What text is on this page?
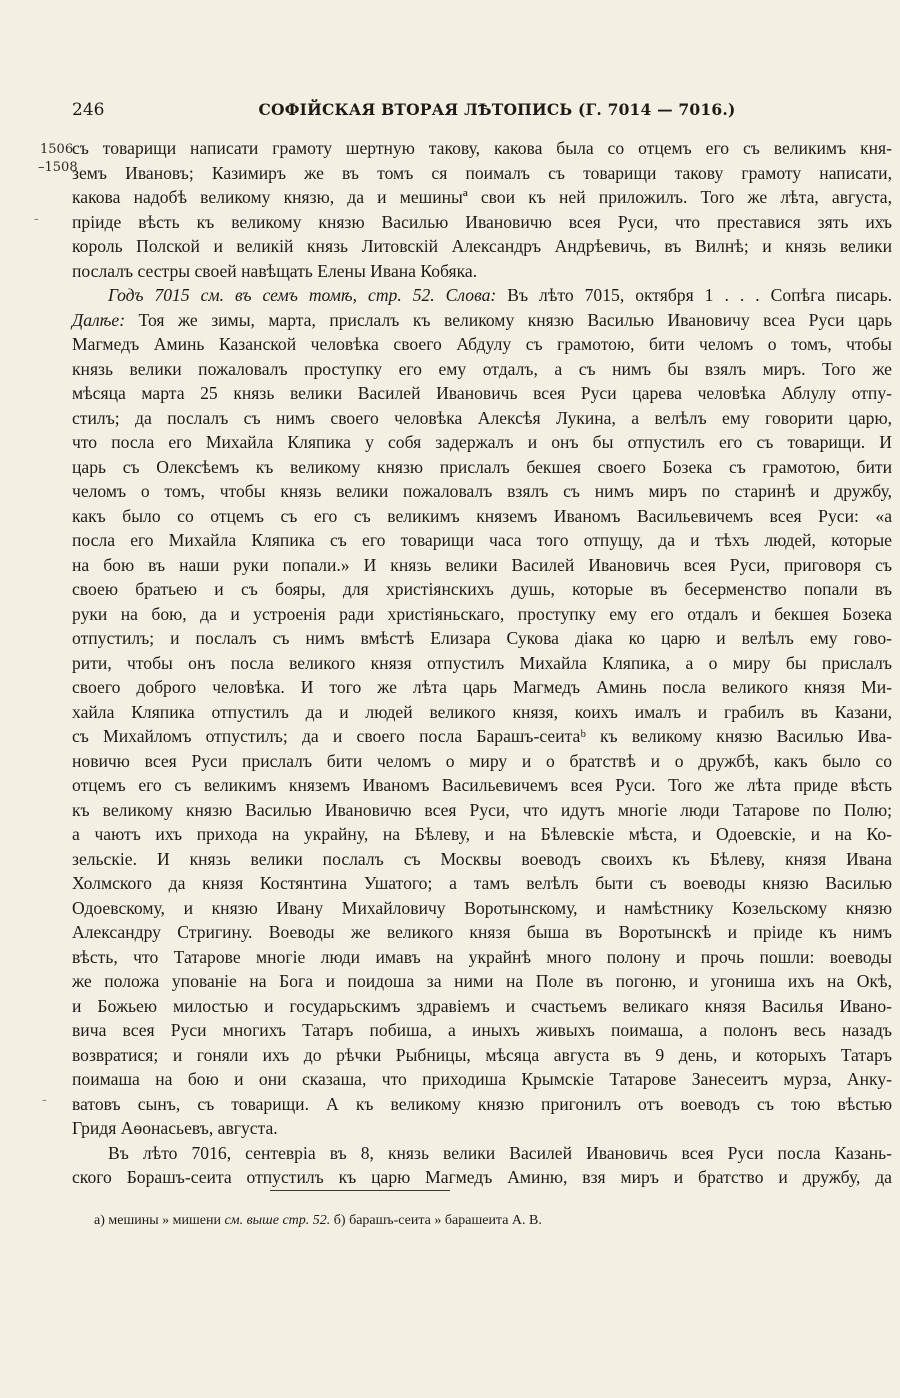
246	СОФІЙСКАЯ ВТОРАЯ ЛѢТОПИСЬ (Г. 7014 — 7016.)
1506
–1508
-
-
съ товарищи написати грамоту шертную такову, какова была со отцемъ его съ великимъ кня-
земъ Ивановъ; Казимиръ же въ томъ ся поималъ съ товарищи такову грамоту написати,
какова надобѣ великому князю, да и мешиныª свои къ ней приложилъ. Того же лѣта, августа,
пріиде вѣсть къ великому князю Василью Ивановичю всея Руси, что преставися зять ихъ
король Полской и великій князь Литовскій Александръ Андрѣевичь, въ Вилнѣ; и князь велики
послалъ сестры своей навѣщать Елены Ивана Кобяка.
Годъ 7015 см. въ семъ томѣ, стр. 52. Слова: Въ лѣто 7015, октября 1 . . . Сопѣга писарь.
Далѣе: Тоя же зимы, марта, прислалъ къ великому князю Василью Ивановичу всеа Руси царь
Магмедъ Аминь Казанской человѣка своего Абдулу съ грамотою, бити челомъ о томъ, чтобы
князь велики пожаловалъ проступку его ему отдалъ, а съ нимъ бы взялъ миръ. Того же
мѣсяца марта 25 князь велики Василей Ивановичь всея Руси царева человѣка Аблулу отпу-
стилъ; да послалъ съ нимъ своего человѣка Алексѣя Лукина, а велѣлъ ему говорити царю,
что посла его Михайла Кляпика у собя задержалъ и онъ бы отпустилъ его съ товарищи. И
царь съ Олексѣемъ къ великому князю прислалъ бекшея своего Бозека съ грамотою, бити
челомъ о томъ, чтобы князь велики пожаловалъ взялъ съ нимъ миръ по старинѣ и дружбу,
какъ было со отцемъ съ его съ великимъ княземъ Иваномъ Васильевичемъ всея Руси: «а
посла его Михайла Кляпика съ его товарищи часа того отпущу, да и тѣхъ людей, которые
на бою въ наши руки попали.» И князь велики Василей Ивановичь всея Руси, приговоря съ
своею братьею и съ бояры, для христіянскихъ душь, которые въ бесерменство попали въ
руки на бою, да и устроенія ради христіяньскаго, проступку ему его отдалъ и бекшея Бозека
отпустилъ; и послалъ съ нимъ вмѣстѣ Елизара Сукова діака ко царю и велѣлъ ему гово-
рити, чтобы онъ посла великого князя отпустилъ Михайла Кляпика, а о миру бы прислалъ
своего доброго человѣка. И того же лѣта царь Магмедъ Аминь посла великого князя Ми-
хайла Кляпика отпустилъ да и людей великого князя, коихъ ималъ и грабилъ въ Казани,
съ Михайломъ отпустилъ; да и своего посла Барашъ-сеитаᵇ къ великому князю Василью Ива-
новичю всея Руси прислалъ бити челомъ о миру и о братствѣ и о дружбѣ, какъ было со
отцемъ его съ великимъ княземъ Иваномъ Васильевичемъ всея Руси. Того же лѣта приде вѣсть
къ великому князю Василью Ивановичю всея Руси, что идутъ многіе люди Татаровe по Полю;
а чаютъ ихъ прихода на украйну, на Бѣлеву, и на Бѣлевскіе мѣста, и Одоевскіе, и на Ко-
зельскіе. И князь велики послалъ съ Москвы воеводъ своихъ къ Бѣлеву, князя Ивана
Холмского да князя Костянтина Ушатого; а тамъ велѣлъ быти съ воеводы князю Василью
Одоевскому, и князю Ивану Михайловичу Воротынскому, и намѣстнику Козельскому князю
Александру Стригину. Воеводы же великого князя быша въ Воротынскѣ и пріиде къ нимъ
вѣсть, что Татарове многіе люди имавъ на украйнѣ много полону и прочь пошли: воеводы
же положа упованіе на Бога и поидоша за ними на Поле въ погоню, и угониша ихъ на Окѣ,
и Божьею милостью и государьскимъ здравіемъ и счастьемъ великаго князя Василья Ивано-
вича всея Руси многихъ Татаръ побиша, а иныхъ живыхъ поимаша, а полонъ весь назадъ
возвратися; и гоняли ихъ до рѣчки Рыбницы, мѣсяца августа въ 9 день, и которыхъ Татаръ
поимаша на бою и они сказаша, что приходиша Крымскіе Татарове Занесеитъ мурза, Анку-
ватовъ сынъ, съ товарищи. А къ великому князю пригонилъ отъ воеводъ съ тою вѣстью
Гридя Аѳонасьевъ, августа.
Въ лѣто 7016, сентевріа въ 8, князь велики Василей Ивановичь всея Руси посла Казань-
ского Борашъ-сеита отпустилъ къ царю Магмедъ Аминю, взя миръ и братство и дружбу, да
а) мешины » мишени см. выше стр. 52. б) барашъ-сеита » барашеита А. В.
